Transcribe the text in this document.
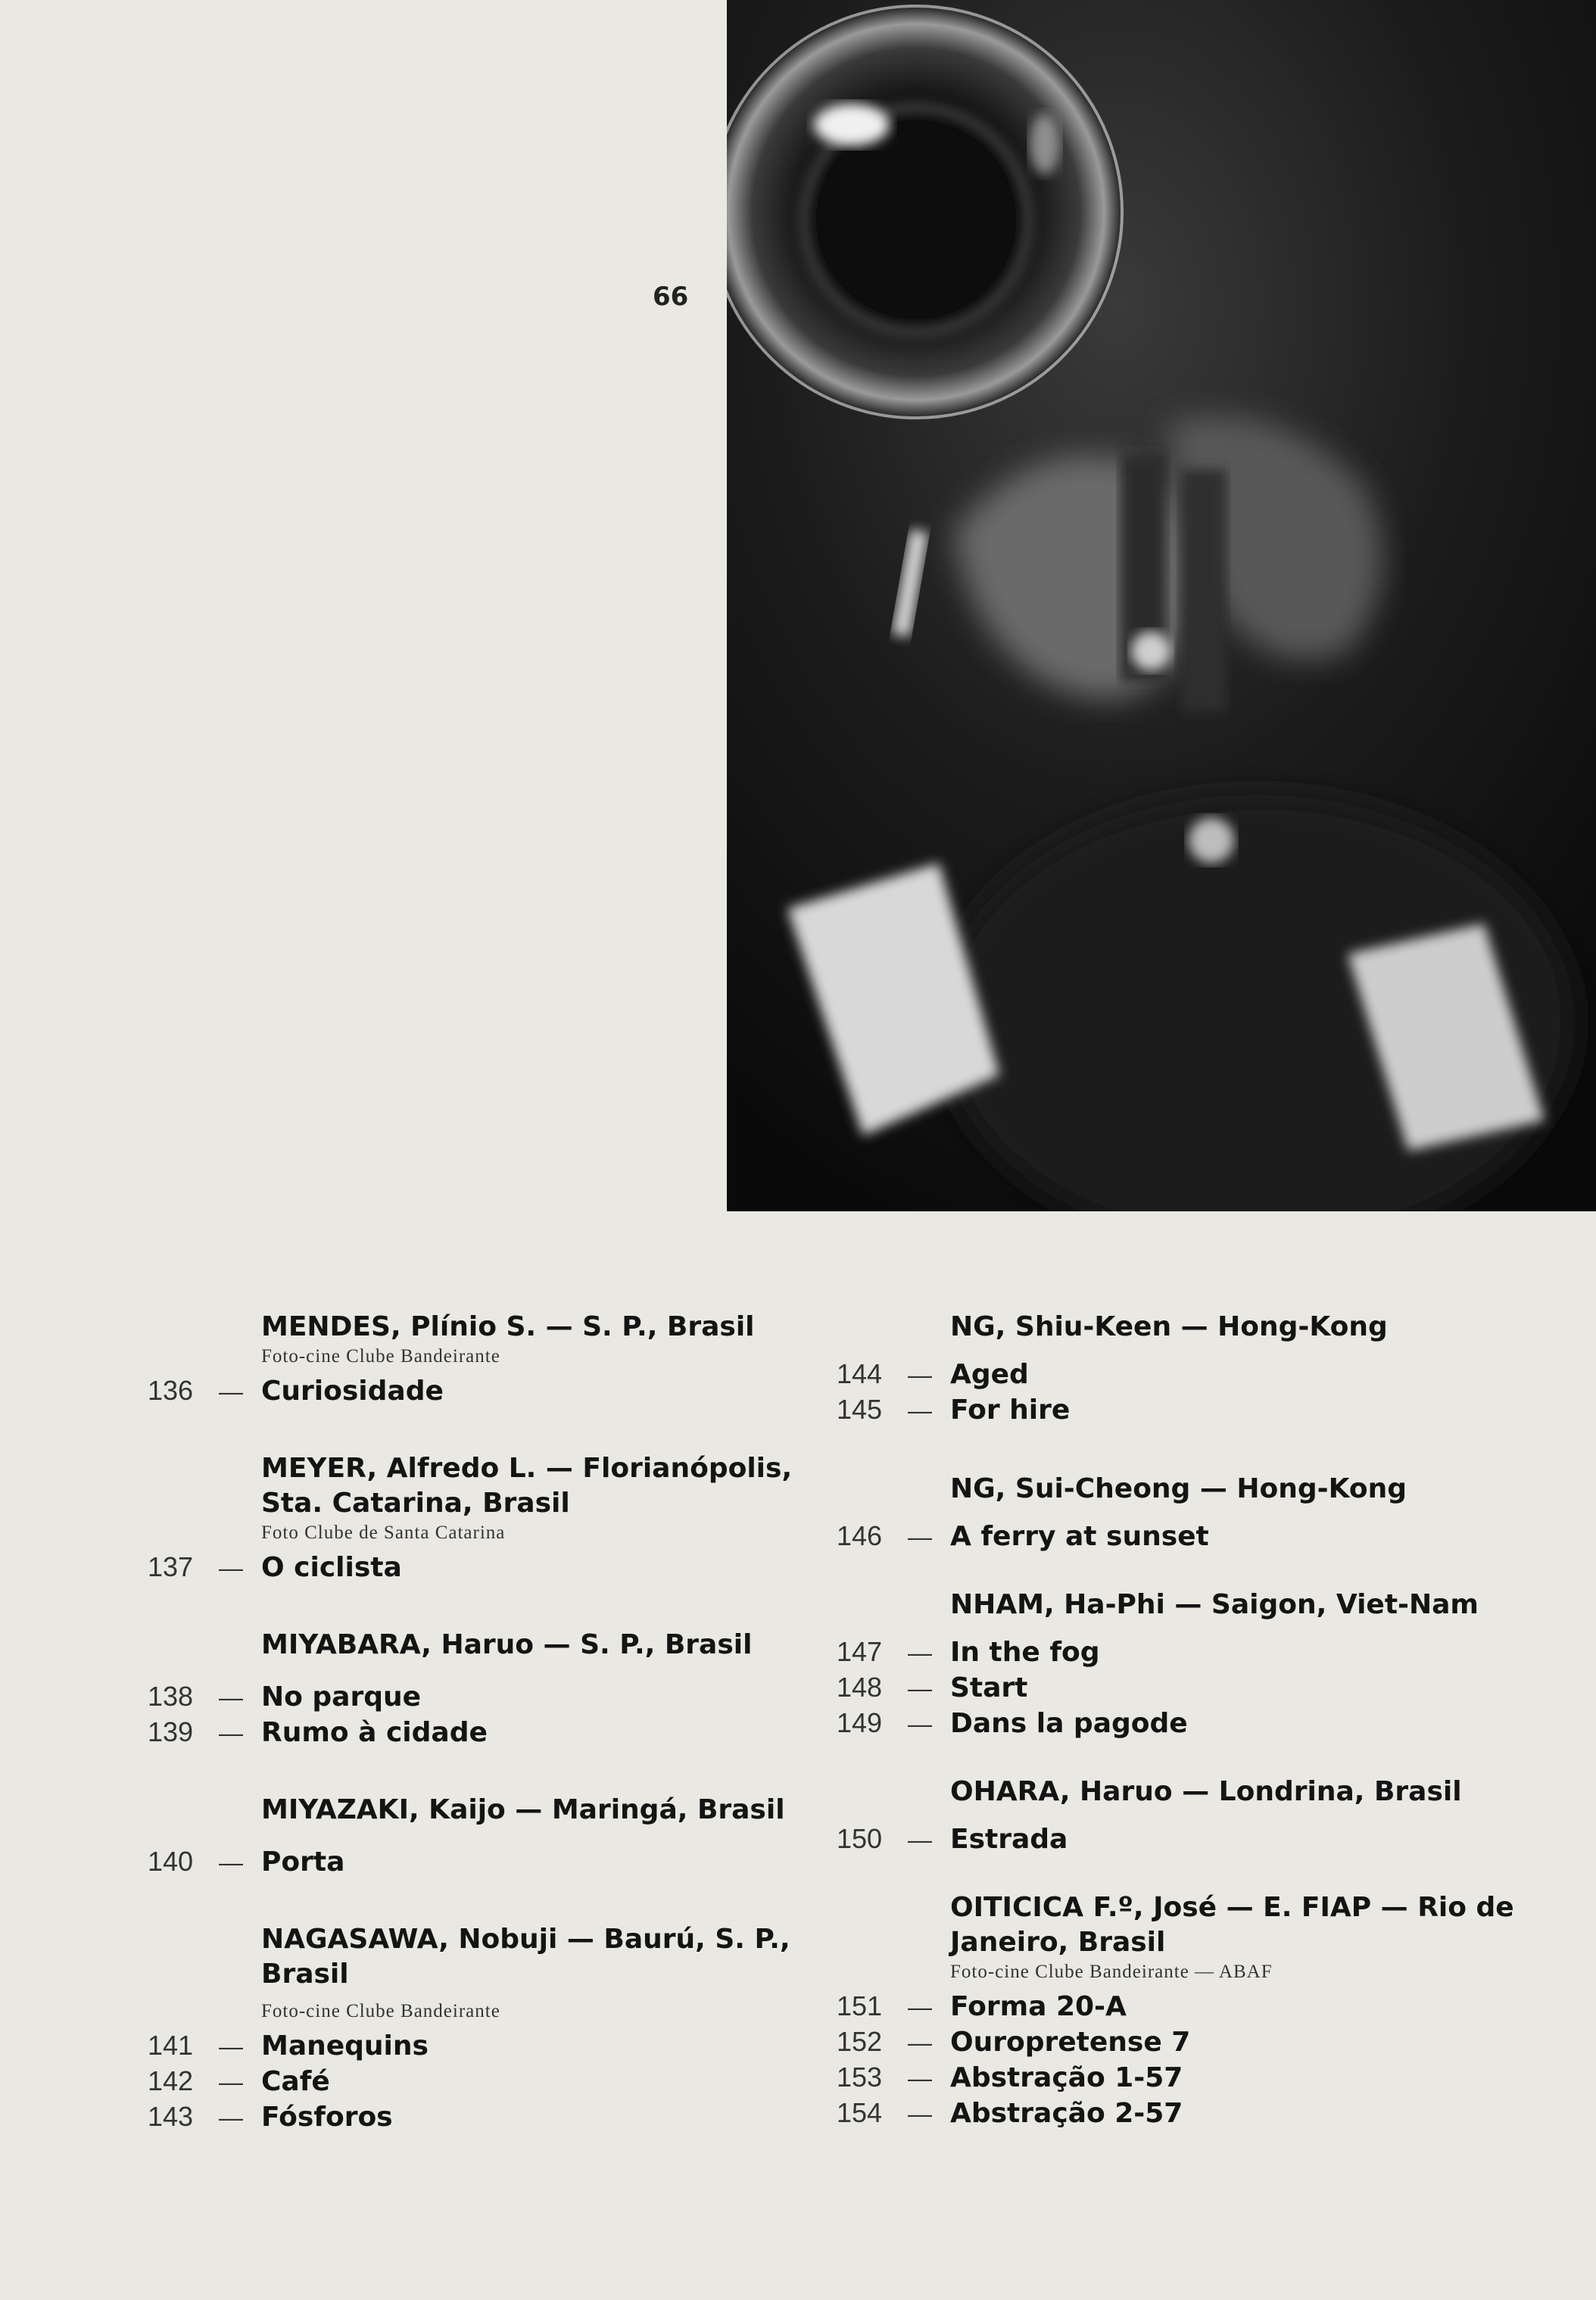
66
MENDES, Plínio S. — S. P., Brasil
Foto-cine Clube Bandeirante
136	— Curiosidade
MEYER, Alfredo L. — Florianópolis, Sta. Catarina, Brasil
Foto Clube de Santa Catarina
137	— O ciclista
MIYABARA, Haruo — S. P., Brasil
138	— No parque
139	— Rumo à cidade
MIYAZAKI, Kaijo — Maringá, Brasil
140	— Porta
NAGASAWA, Nobuji — Baurú, S. P., Brasil
Foto-cine Clube Bandeirante
141	— Manequins
142	— Café
143	— Fósforos
NG, Shiu-Keen — Hong-Kong
144	— Aged
145	— For hire
NG, Sui-Cheong — Hong-Kong
146	— A ferry at sunset
NHAM, Ha-Phi — Saigon, Viet-Nam
147	— In the fog
148	— Start
149	— Dans la pagode
OHARA, Haruo — Londrina, Brasil
150	— Estrada
OITICICA F.º, José — E. FIAP — Rio de Janeiro, Brasil
Foto-cine Clube Bandeirante — ABAF
151	— Forma 20-A
152	— Ouropretense 7
153	— Abstração 1-57
154	— Abstração 2-57
